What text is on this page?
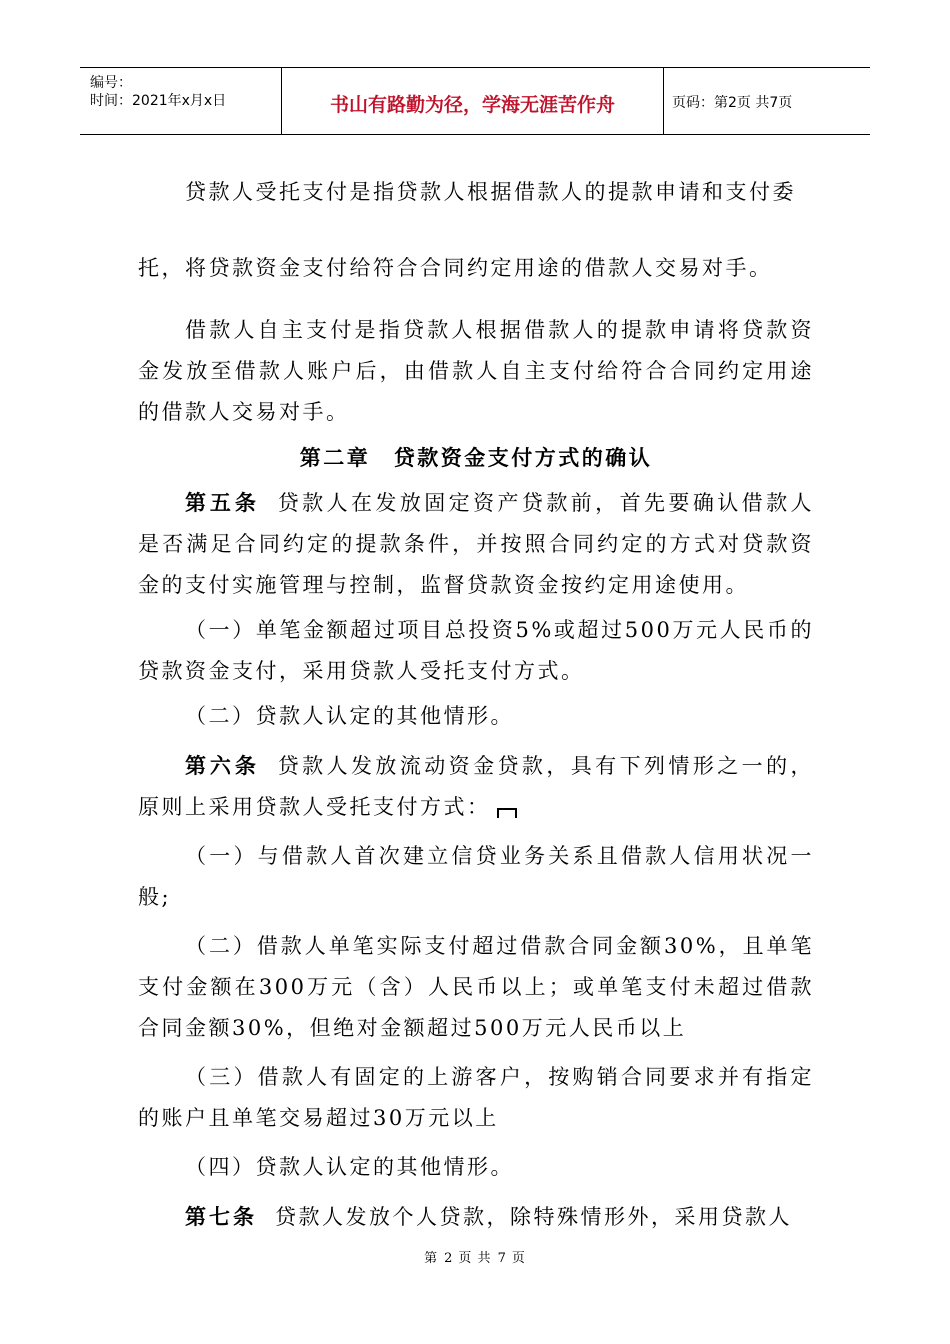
编号：
时间：2021年x月x日	书山有路勤为径，学海无涯苦作舟	页码：第2页 共7页

贷款人受托支付是指贷款人根据借款人的提款申请和支付委

托，将贷款资金支付给符合合同约定用途的借款人交易对手。

借款人自主支付是指贷款人根据借款人的提款申请将贷款资金发放至借款人账户后，由借款人自主支付给符合合同约定用途的借款人交易对手。

第二章　贷款资金支付方式的确认

第五条 贷款人在发放固定资产贷款前，首先要确认借款人是否满足合同约定的提款条件，并按照合同约定的方式对贷款资金的支付实施管理与控制，监督贷款资金按约定用途使用。

（一）单笔金额超过项目总投资5%或超过500万元人民币的贷款资金支付，采用贷款人受托支付方式。

（二）贷款人认定的其他情形。

第六条 贷款人发放流动资金贷款，具有下列情形之一的，原则上采用贷款人受托支付方式：

（一）与借款人首次建立信贷业务关系且借款人信用状况一般;

（二）借款人单笔实际支付超过借款合同金额30%，且单笔支付金额在300万元（含）人民币以上；或单笔支付未超过借款合同金额30%，但绝对金额超过500万元人民币以上

（三）借款人有固定的上游客户，按购销合同要求并有指定的账户且单笔交易超过30万元以上

（四）贷款人认定的其他情形。

第七条 贷款人发放个人贷款，除特殊情形外，采用贷款人

第 2 页 共 7 页
